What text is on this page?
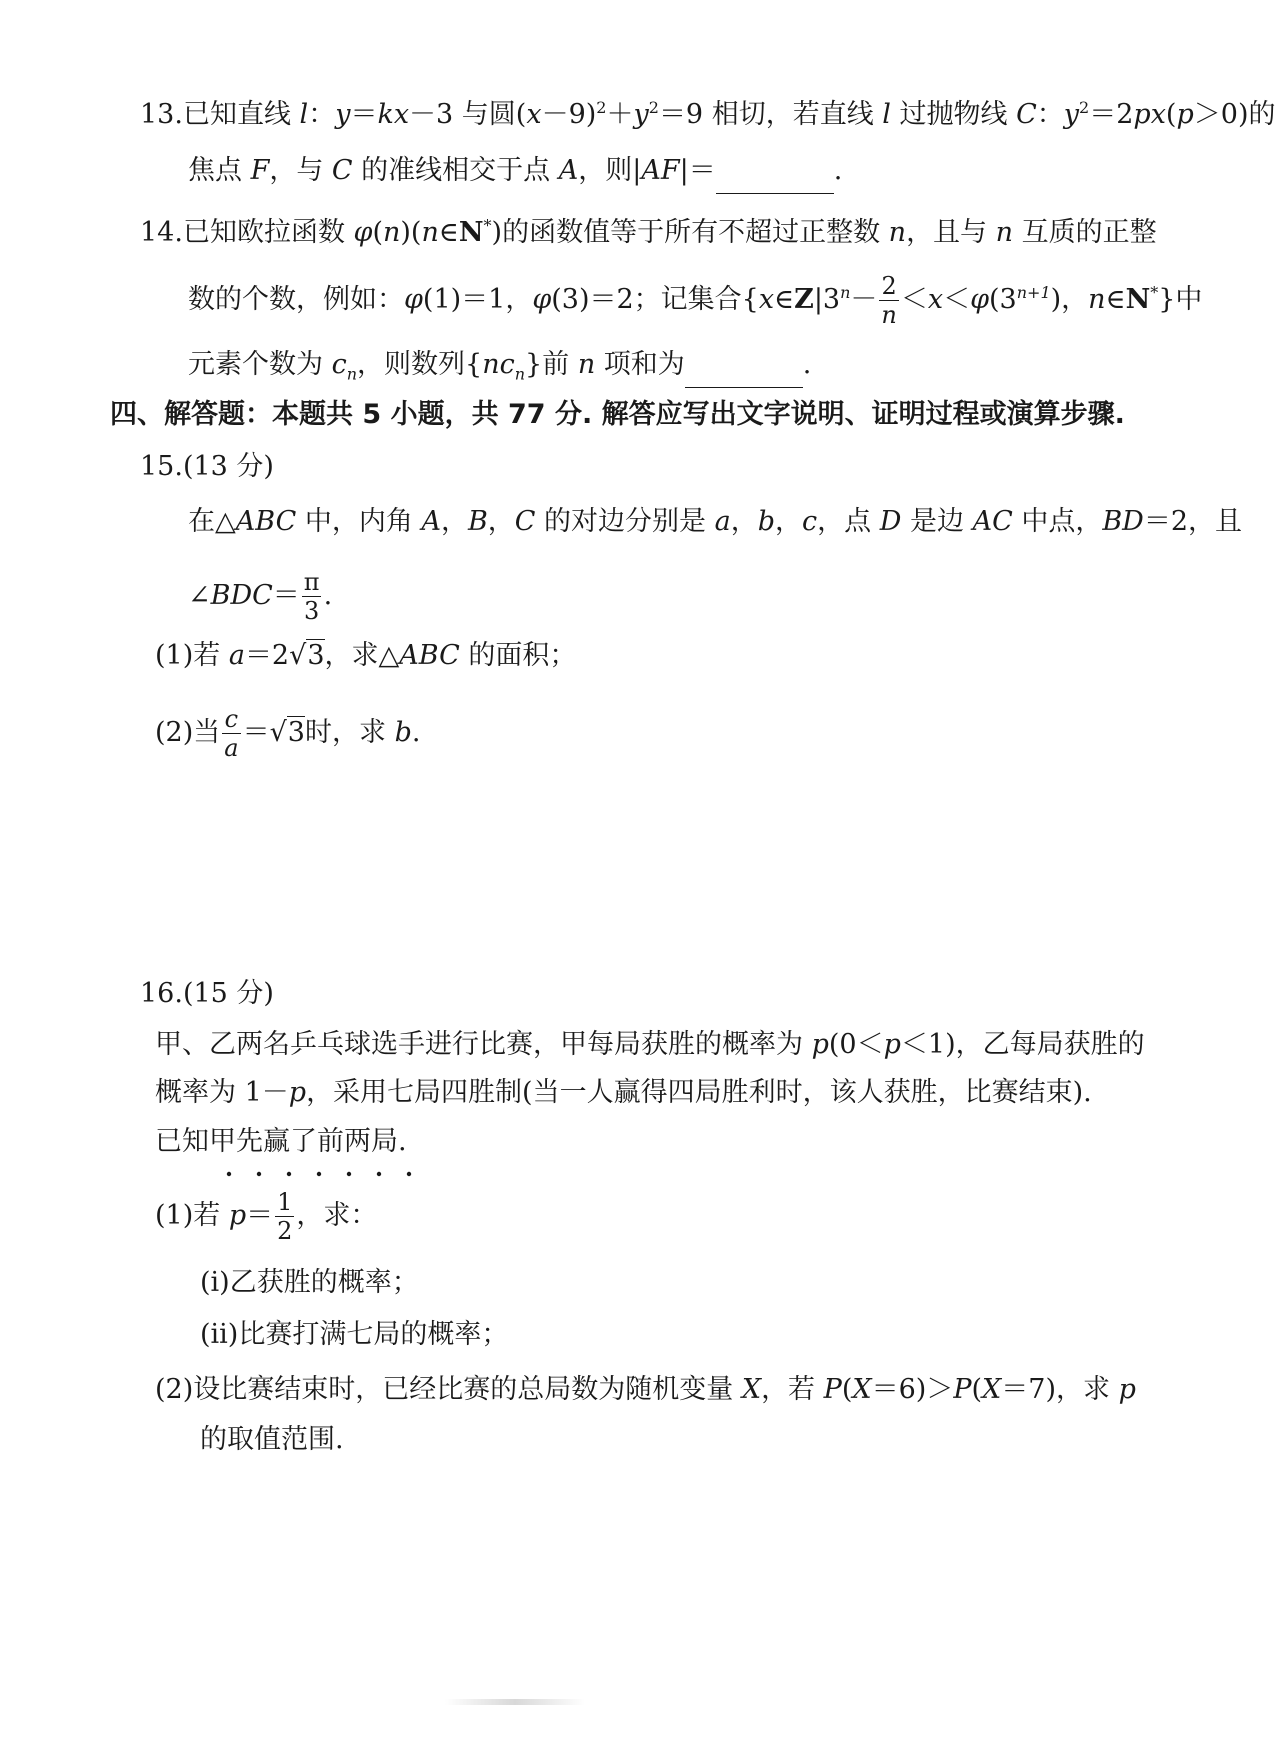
13.已知直线 l：y＝kx－3 与圆$(x-9)^2+y^2=9$ 相切，若直线 l 过抛物线 C：$y^2=2px(p>0)$的
焦点 F，与 C 的准线相交于点 A，则|AF|＝	.
14.已知欧拉函数 φ(n)(n∈N*)的函数值等于所有不超过正整数 n，且与 n 互质的正整
数的个数，例如：φ(1)＝1，φ(3)＝2；记集合{$x\in Z|3^n- \frac{2}{n} <x<\varphi(3^{n+1})$，n∈N*}中
元素个数为 $c_n$，则数列$\{nc_n\}$前 n 项和为	.
四、解答题：本题共 5 小题，共 77 分. 解答应写出文字说明、证明过程或演算步骤.
15.(13 分)
在△ABC 中，内角 A，B，C 的对边分别是 a，b，c，点 D 是边 AC 中点，BD＝2，且
∠BDC＝ $\frac{\pi}{3}$ .
(1)若 a＝2√3，求△ABC 的面积；
(2)当 $\frac{c}{a} =√3$时，求 b.
16.(15 分)
甲、乙两名乒乓球选手进行比赛，甲每局获胜的概率为 p(0＜p＜1)，乙每局获胜的
概率为 1－p，采用七局四胜制(当一人赢得四局胜利时，该人获胜，比赛结束).
已知甲先赢了前两局.
(1)若 $p= \frac{1}{2}$ ，求：
(ⅰ)乙获胜的概率；
(ⅱ)比赛打满七局的概率；
(2)设比赛结束时，已经比赛的总局数为随机变量 X，若 P(X＝6)＞P(X＝7)，求 p
的取值范围.
